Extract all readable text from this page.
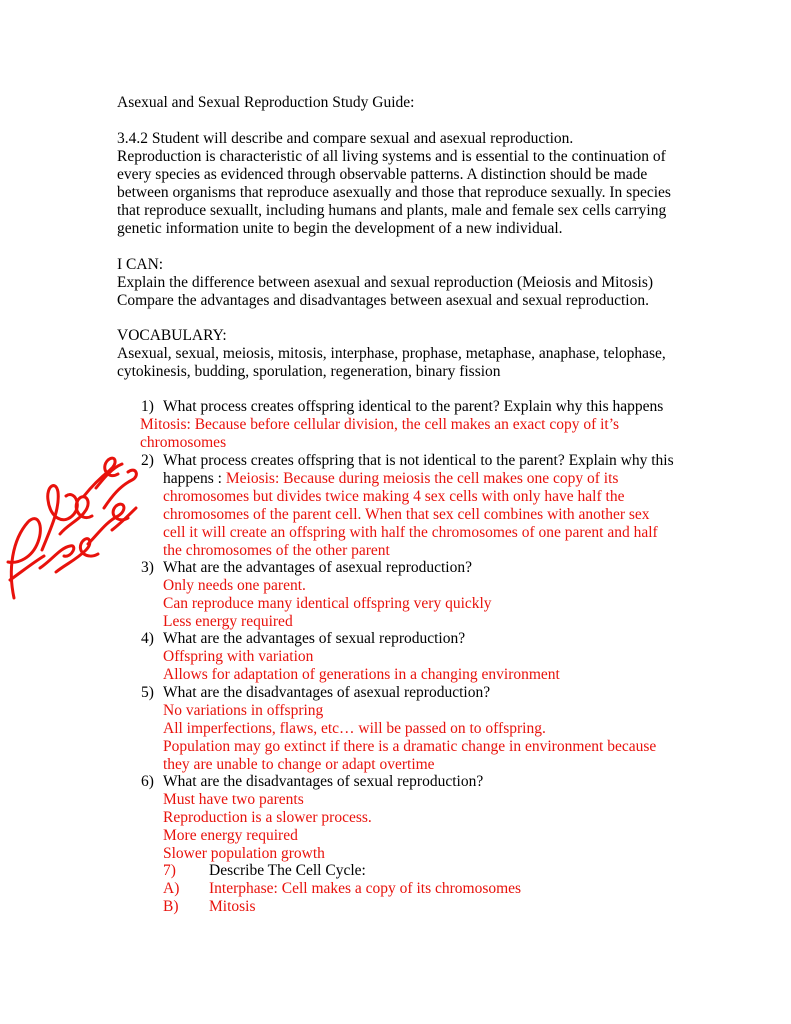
Asexual and Sexual Reproduction Study Guide:
3.4.2 Student will describe and compare sexual and asexual reproduction.
Reproduction is characteristic of all living systems and is essential to the continuation of
every species as evidenced through observable patterns. A distinction should be made
between organisms that reproduce asexually and those that reproduce sexually. In species
that reproduce sexuallt, including humans and plants, male and female sex cells carrying
genetic information unite to begin the development of a new individual.
I CAN:
Explain the difference between asexual and sexual reproduction (Meiosis and Mitosis)
Compare the advantages and disadvantages between asexual and sexual reproduction.
VOCABULARY:
Asexual, sexual, meiosis, mitosis, interphase, prophase, metaphase, anaphase, telophase,
cytokinesis, budding, sporulation, regeneration, binary fission
1) What process creates offspring identical to the parent? Explain why this happens
Mitosis: Because before cellular division, the cell makes an exact copy of it’s
chromosomes
2) What process creates offspring that is not identical to the parent? Explain why this
happens : Meiosis: Because during meiosis the cell makes one copy of its
chromosomes but divides twice making 4 sex cells with only have half the
chromosomes of the parent cell. When that sex cell combines with another sex
cell it will create an offspring with half the chromosomes of one parent and half
the chromosomes of the other parent
3) What are the advantages of asexual reproduction?
Only needs one parent.
Can reproduce many identical offspring very quickly
Less energy required
4) What are the advantages of sexual reproduction?
Offspring with variation
Allows for adaptation of generations in a changing environment
5) What are the disadvantages of asexual reproduction?
No variations in offspring
All imperfections, flaws, etc… will be passed on to offspring.
Population may go extinct if there is a dramatic change in environment because
they are unable to change or adapt overtime
6) What are the disadvantages of sexual reproduction?
Must have two parents
Reproduction is a slower process.
More energy required
Slower population growth
7) Describe The Cell Cycle:
A) Interphase: Cell makes a copy of its chromosomes
B) Mitosis
